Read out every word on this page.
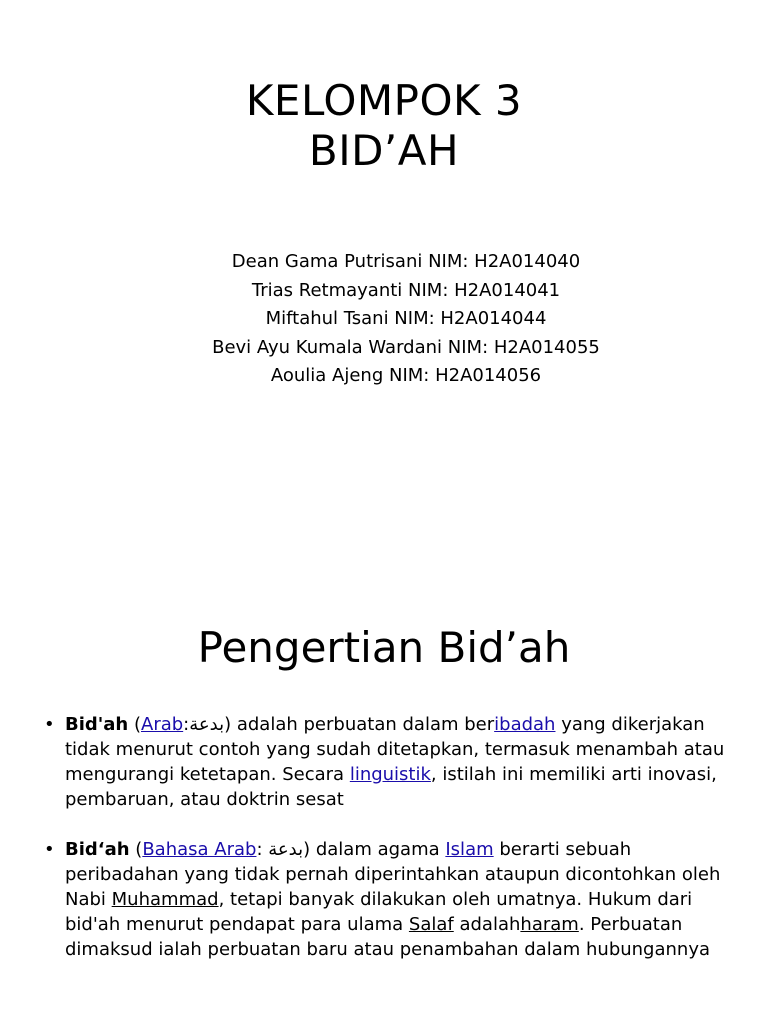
KELOMPOK 3
BID’AH
Dean Gama Putrisani NIM: H2A014040
Trias Retmayanti NIM: H2A014041
Miftahul Tsani NIM: H2A014044
Bevi Ayu Kumala Wardani NIM: H2A014055
Aoulia Ajeng NIM: H2A014056
Pengertian Bid’ah
• Bid'ah (Arab:بدعة) adalah perbuatan dalam beribadah yang dikerjakan tidak menurut contoh yang sudah ditetapkan, termasuk menambah atau mengurangi ketetapan. Secara linguistik, istilah ini memiliki arti inovasi, pembaruan, atau doktrin sesat
• Bid‘ah (Bahasa Arab: بدعة) dalam agama Islam berarti sebuah peribadahan yang tidak pernah diperintahkan ataupun dicontohkan oleh Nabi Muhammad, tetapi banyak dilakukan oleh umatnya. Hukum dari bid'ah menurut pendapat para ulama Salaf adalahharam. Perbuatan dimaksud ialah perbuatan baru atau penambahan dalam hubungannya
